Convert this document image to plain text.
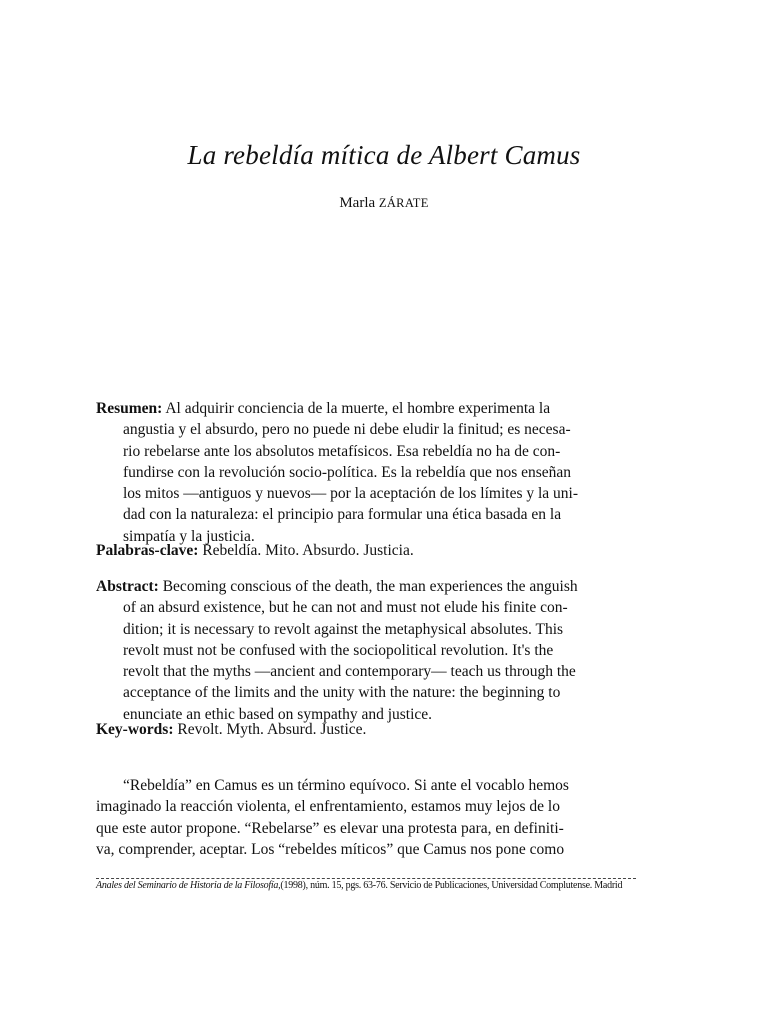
La rebeldía mítica de Albert Camus
Marla ZÁRATE
Resumen: Al adquirir conciencia de la muerte, el hombre experimenta la
angustia y el absurdo, pero no puede ni debe eludir la finitud; es necesa-
rio rebelarse ante los absolutos metafísicos. Esa rebeldía no ha de con-
fundirse con la revolución socio-política. Es la rebeldía que nos enseñan
los mitos —antiguos y nuevos— por la aceptación de los límites y la uni-
dad con la naturaleza: el principio para formular una ética basada en la
simpatía y la justicia.
Palabras-clave: Rebeldía. Mito. Absurdo. Justicia.
Abstract: Becoming conscious of the death, the man experiences the anguish
of an absurd existence, but he can not and must not elude his finite con-
dition; it is necessary to revolt against the metaphysical absolutes. This
revolt must not be confused with the sociopolitical revolution. It's the
revolt that the myths —ancient and contemporary— teach us through the
acceptance of the limits and the unity with the nature: the beginning to
enunciate an ethic based on sympathy and justice.
Key-words: Revolt. Myth. Absurd. Justice.
“Rebeldía” en Camus es un término equívoco. Si ante el vocablo hemos
imaginado la reacción violenta, el enfrentamiento, estamos muy lejos de lo
que este autor propone. “Rebelarse” es elevar una protesta para, en definiti-
va, comprender, aceptar. Los “rebeldes míticos” que Camus nos pone como
Anales del Seminario de Historia de la Filosofía,(1998), núm. 15, pgs. 63-76. Servicio de Publicaciones, Universidad Complutense. Madrid
